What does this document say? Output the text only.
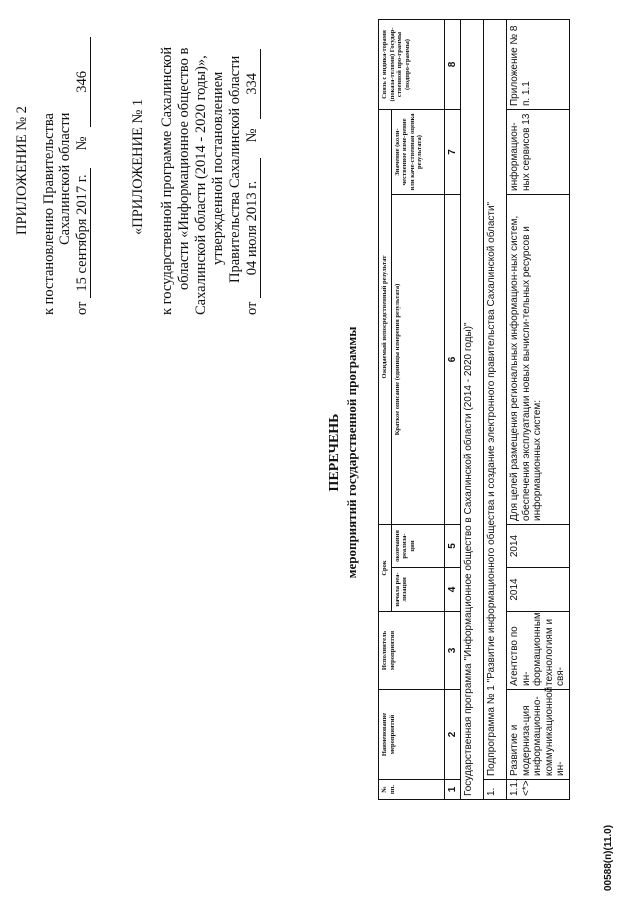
ПРИЛОЖЕНИЕ № 2 к постановлению Правительства Сахалинской области
от 15 сентября 2017 г. № 346
«ПРИЛОЖЕНИЕ № 1 к государственной программе Сахалинской области «Информационное общество в Сахалинской области (2014 - 2020 годы)», утвержденной постановлением Правительства Сахалинской области
от 04 июля 2013 г. № 334
ПЕРЕЧЕНЬ мероприятий государственной программы
№ пп.	Наименование мероприятий	Исполнитель мероприятия	Срок		Ожидаемый непосредственный результат		Связь с индика-торами (показа-телями) Государ-ственной про-граммы (подпро-граммы)
			начала реа-лизации	окончания реализа-ции	Краткое описание (единицы измерения результата)	Значение (коли-чественное изме-рение или каче-ственная оценка результата)	
1	2	3	4	5	6	7	8
Государственная программа "Информационное общество в Сахалинской области (2014 - 2020 годы)"							
1.	Подпрограмма № 1 "Развитие информационного общества и создание электронного правительства Сахалинской области"						
1.1. <*>	Развитие и модерниза-ция информационно-коммуникационной ин-	Агентство по ин-формационным технологиям и свя-	2014	2014	Для целей размещения региональных информацион-ных систем, обеспечения эксплуатации новых вычисли-тельных ресурсов и информационных систем:	информацион-ных сервисов 13	Приложение № 8 п. 1.1
00588(п)(11.0)
